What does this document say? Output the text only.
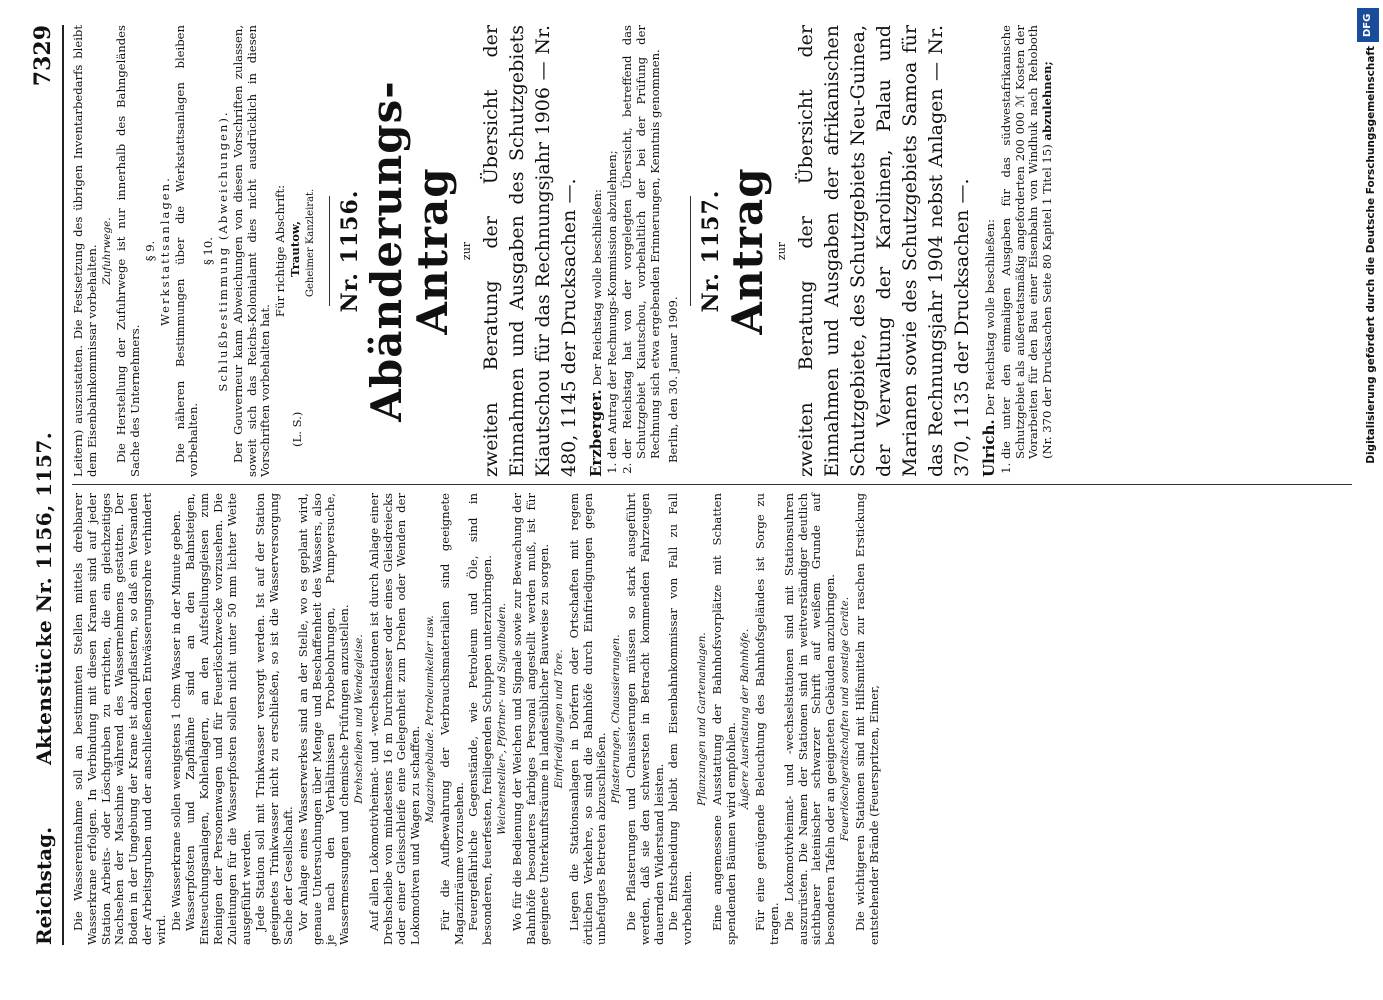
Reichstag.
Aktenstücke Nr. 1156, 1157.
7329

Die Wasserentnahme soll an bestimmten Stellen mittels drehbarer Wasserkrane erfolgen. In Verbindung mit diesen Kranen sind auf jeder Station Arbeits- oder Löschgruben zu errichten, die ein gleichzeitiges Nachsehen der Maschine während des Wassernehmens gestatten. Der Boden in der Umgebung der Krane ist abzupflastern, so daß ein Versanden der Arbeitsgruben und der anschließenden Entwässerungsrohre verhindert wird. Die Wasserkrane sollen wenigstens 1 cbm Wasser in der Minute geben. Wasserpfosten und Zapfhähne sind an den Bahnsteigen, Entseuchungsanlagen, Kohlenlagern, an den Aufstellungsgleisen zum Reinigen der Personenwagen und für Feuerlöschzwecke vorzusehen. Die Zuleitungen für die Wasserpfosten sollen nicht unter 50 mm lichter Weite ausgeführt werden. Jede Station soll mit Trinkwasser versorgt werden. Ist auf der Station geeignetes Trinkwasser nicht zu erschließen, so ist die Wasserversorgung Sache der Gesellschaft. Vor Anlage eines Wasserwerkes sind an der Stelle, wo es geplant wird, genaue Untersuchungen über Menge und Beschaffenheit des Wassers, also je nach den Verhältnissen Probebohrungen, Pumpversuche, Wassermessungen und chemische Prüfungen anzustellen. Drehscheiben und Wendegleise. Auf allen Lokomotivheimat- und -wechselstationen ist durch Anlage einer Drehscheibe von mindestens 16 m Durchmesser oder eines Gleisdreiecks oder einer Gleisschleife eine Gelegenheit zum Drehen oder Wenden der Lokomotiven und Wagen zu schaffen.

Magazingebäude. Petroleumkeller usw. Für die Aufbewahrung der Verbrauchsmaterialien sind geeignete Magazinräume vorzusehen. Feuergefährliche Gegenstände, wie Petroleum und Öle, sind in besonderen, feuerfesten, freiliegenden Schuppen unterzubringen. Weichensteller-, Pförtner- und Signalbuden. Wo für die Bedienung der Weichen und Signale sowie zur Bewachung der Bahnhöfe besonderes farbiges Personal angestellt werden muß, ist für geeignete Unterkunftsräume in landesüblicher Bauweise zu sorgen. Einfriedigungen und Tore. Liegen die Stationsanlagen in Dörfern oder Ortschaften mit regem örtlichen Verkehre, so sind die Bahnhöfe durch Einfriedigungen gegen unbefugtes Betreten abzuschließen.

Pflasterungen, Chaussierungen. Die Pflasterungen und Chaussierungen müssen so stark ausgeführt werden, daß sie den schwersten in Betracht kommenden Fahrzeugen dauernden Widerstand leisten. Die Entscheidung bleibt dem Eisenbahnkommissar von Fall zu Fall vorbehalten.

Pflanzungen und Gartenanlagen. Eine angemessene Ausstattung der Bahnhofsvorplätze mit Schatten spendenden Bäumen wird empfohlen.

Äußere Ausrüstung der Bahnhöfe. Für eine genügende Beleuchtung des Bahnhofsgeländes ist Sorge zu tragen. Die Lokomotivheimat- und -wechselstationen sind mit Stationsuhren auszurüsten. Die Namen der Stationen sind in weitverständiger deutlich sichtbarer lateinischer schwarzer Schrift auf weißem Grunde auf besonderen Tafeln oder an geeigneten Gebäuden anzubringen. Feuerlöschgerätschaften und sonstige Geräte. Die wichtigeren Stationen sind mit Hilfsmitteln zur raschen Erstickung entstehender Brände (Feuerspritzen, Eimer,

Leitern) auszustatten. Die Festsetzung des übrigen Inventarbedarfs bleibt dem Eisenbahnkommissar vorbehalten. Zufuhrwege. Die Herstellung der Zufuhrwege ist nur innerhalb des Bahngeländes Sache des Unternehmers.

§ 9. Werkstattsanlagen. Die näheren Bestimmungen über die Werkstattsanlagen bleiben vorbehalten.

§ 10. Schlußbestimmung (Abweichungen). Der Gouverneur kann Abweichungen von diesen Vorschriften zulassen, soweit sich das Reichs-Kolonialamt dies nicht ausdrücklich in diesen Vorschriften vorbehalten hat.

Für richtige Abschrift:

(L. S.)
Trautow, Geheimer Kanzleirat. Nr. 1156.
Abänderungs-Antrag zur zweiten Beratung der Übersicht der Einnahmen und Ausgaben des Schutzgebiets Kiautschou für das Rechnungsjahr 1906 — Nr. 480, 1145 der Drucksachen —. Erzberger. Der Reichstag wolle beschließen: 1. den Antrag der Rechnungs-Kommission abzulehnen; 2. der Reichstag hat von der vorgelegten Übersicht, betreffend das Schutzgebiet Kiautschou, vorbehaltlich der bei der Prüfung der Rechnung sich etwa ergebenden Erinnerungen, Kenntnis genommen. Berlin, den 30. Januar 1909.

Nr. 1157.
Antrag zur zweiten Beratung der Übersicht der Einnahmen und Ausgaben der afrikanischen Schutzgebiete, des Schutzgebiets Neu-Guinea, der Verwaltung der Karolinen, Palau und Marianen sowie des Schutzgebiets Samoa für das Rechnungsjahr 1904 nebst Anlagen — Nr. 370, 1135 der Drucksachen —. Ulrich. Der Reichstag wolle beschließen: 1. die unter den einmaligen Ausgaben für das südwestafrikanische Schutzgebiet als außeretatsmäßig angeforderten 200 000 ℳ Kosten der Vorarbeiten für den Bau einer Eisenbahn von Windhuk nach Rehoboth (Nr. 370 der Drucksachen Seite 80 Kapitel 1 Titel 15) abzulehnen;
DFG
Digitalisierung gefördert durch die Deutsche Forschungsgemeinschaft
